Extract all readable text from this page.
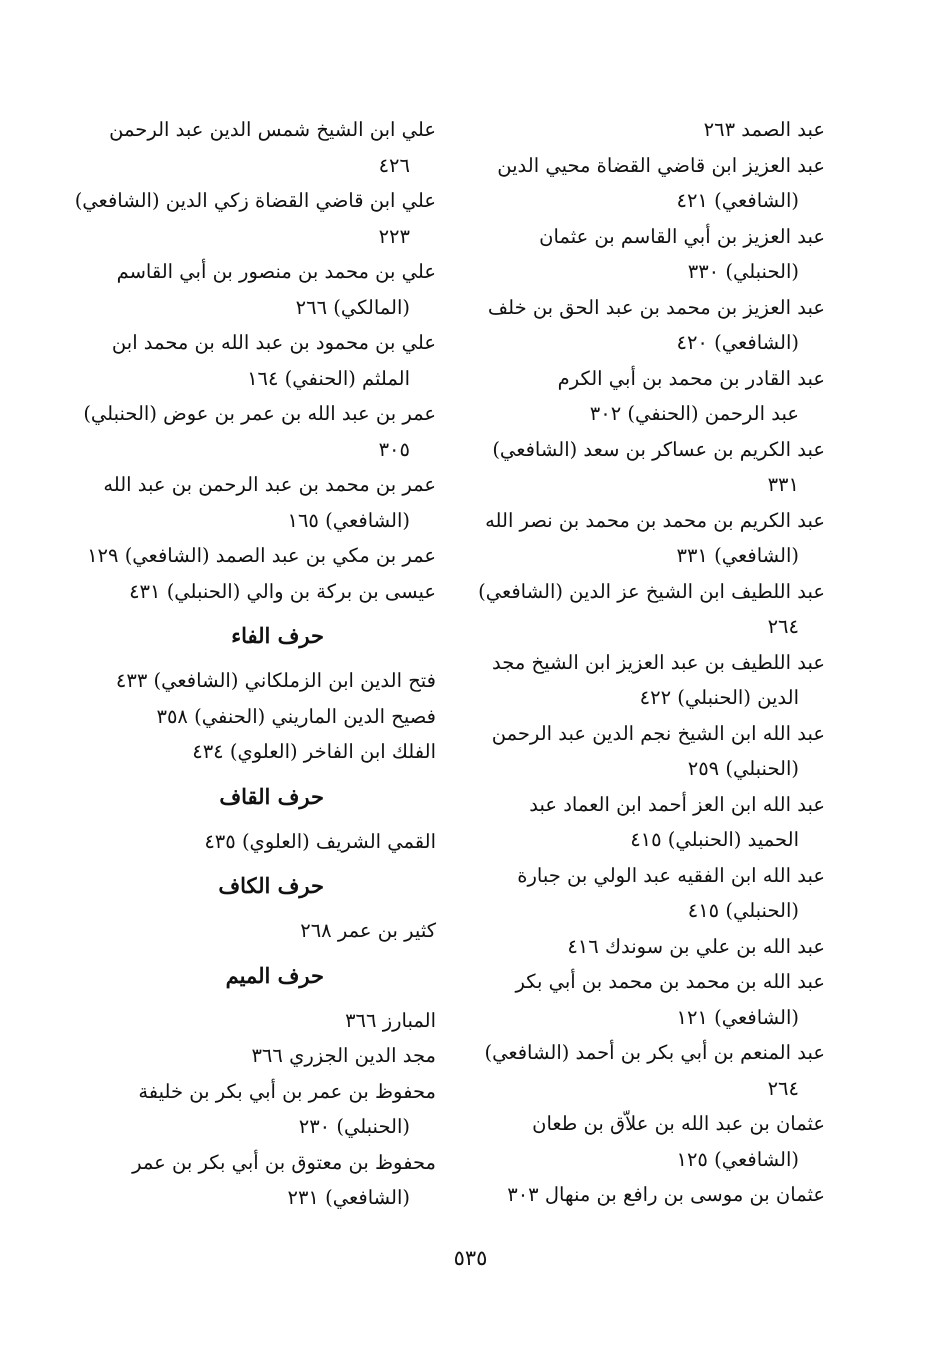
عبد الصمد ٢٦٣
عبد العزيز ابن قاضي القضاة محيي الدين
(الشافعي) ٤٢١
عبد العزيز بن أبي القاسم بن عثمان
(الحنبلي) ٣٣٠
عبد العزيز بن محمد بن عبد الحق بن خلف
(الشافعي) ٤٢٠
عبد القادر بن محمد بن أبي الكرم
عبد الرحمن (الحنفي) ٣٠٢
عبد الكريم بن عساكر بن سعد (الشافعي)
٣٣١
عبد الكريم بن محمد بن محمد بن نصر الله
(الشافعي) ٣٣١
عبد اللطيف ابن الشيخ عز الدين (الشافعي)
٢٦٤
عبد اللطيف بن عبد العزيز ابن الشيخ مجد
الدين (الحنبلي) ٤٢٢
عبد الله ابن الشيخ نجم الدين عبد الرحمن
(الحنبلي) ٢٥٩
عبد الله ابن العز أحمد ابن العماد عبد
الحميد (الحنبلي) ٤١٥
عبد الله ابن الفقيه عبد الولي بن جبارة
(الحنبلي) ٤١٥
عبد الله بن علي بن سوندك ٤١٦
عبد الله بن محمد بن محمد بن أبي بكر
(الشافعي) ١٢١
عبد المنعم بن أبي بكر بن أحمد (الشافعي)
٢٦٤
عثمان بن عبد الله بن علاّق بن طعان
(الشافعي) ١٢٥
عثمان بن موسى بن رافع بن منهال ٣٠٣
علي ابن الشيخ شمس الدين عبد الرحمن
٤٢٦
علي ابن قاضي القضاة زكي الدين (الشافعي)
٢٢٣
علي بن محمد بن منصور بن أبي القاسم
(المالكي) ٢٦٦
علي بن محمود بن عبد الله بن محمد ابن
الملثم (الحنفي) ١٦٤
عمر بن عبد الله بن عمر بن عوض (الحنبلي)
٣٠٥
عمر بن محمد بن عبد الرحمن بن عبد الله
(الشافعي) ١٦٥
عمر بن مكي بن عبد الصمد (الشافعي) ١٢٩
عيسى بن بركة بن والي (الحنبلي) ٤٣١
حرف الفاء
فتح الدين ابن الزملكاني (الشافعي) ٤٣٣
فصيح الدين الماريني (الحنفي) ٣٥٨
الفلك ابن الفاخر (العلوي) ٤٣٤
حرف القاف
القمي الشريف (العلوي) ٤٣٥
حرف الكاف
كثير بن عمر ٢٦٨
حرف الميم
المبارز ٣٦٦
مجد الدين الجزري ٣٦٦
محفوظ بن عمر بن أبي بكر بن خليفة
(الحنبلي) ٢٣٠
محفوظ بن معتوق بن أبي بكر بن عمر
(الشافعي) ٢٣١
٥٣٥
